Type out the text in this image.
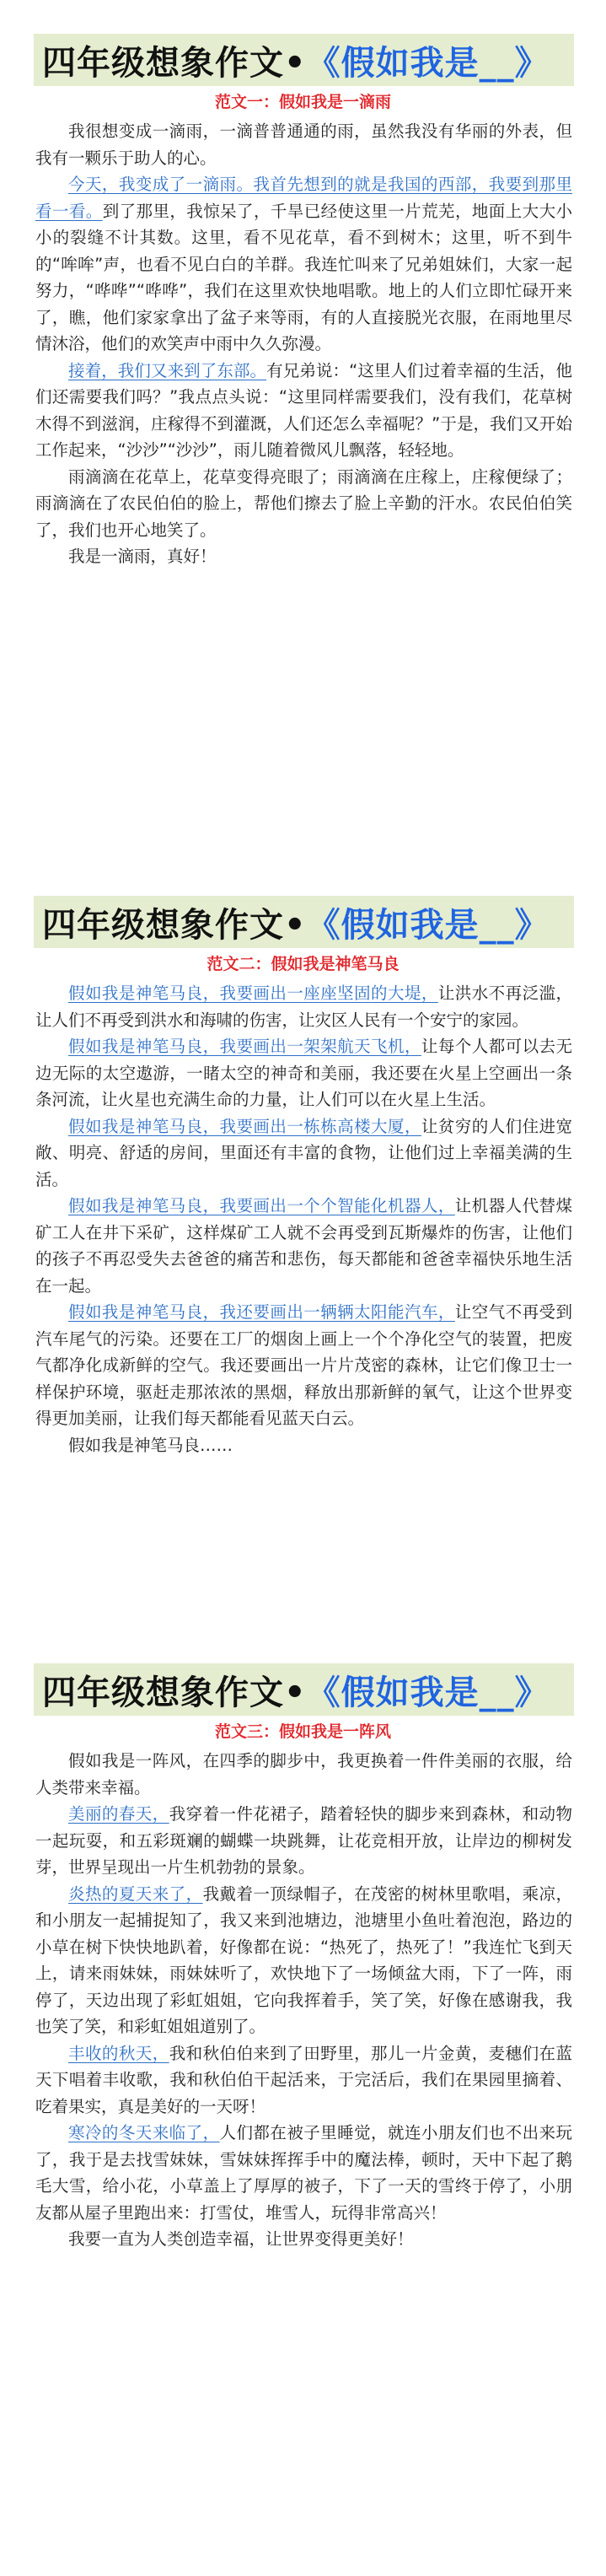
四年级想象作文• 《假如我是__》
范文一：假如我是一滴雨

我很想变成一滴雨，一滴普普通通的雨，虽然我没有华丽的外表，但我有一颗乐于助人的心。

今天，我变成了一滴雨。我首先想到的就是我国的西部，我要到那里看一看。到了那里，我惊呆了，千旱已经使这里一片荒芜，地面上大大小小的裂缝不计其数。这里，看不见花草，看不到树木；这里，听不到牛的“哞哞”声，也看不见白白的羊群。我连忙叫来了兄弟姐妹们，大家一起努力，“哗哗”“哗哗”，我们在这里欢快地唱歌。地上的人们立即忙碌开来了，瞧，他们家家拿出了盆子来等雨，有的人直接脱光衣服，在雨地里尽情沐浴，他们的欢笑声中雨中久久弥漫。

接着，我们又来到了东部。有兄弟说：“这里人们过着幸福的生活，他们还需要我们吗？”我点点头说：“这里同样需要我们，没有我们，花草树木得不到滋润，庄稼得不到灌溉，人们还怎么幸福呢？”于是，我们又开始工作起来，“沙沙”“沙沙”，雨儿随着微风儿飘落，轻轻地。

雨滴滴在花草上，花草变得亮眼了；雨滴滴在庄稼上，庄稼便绿了；雨滴滴在了农民伯伯的脸上，帮他们擦去了脸上辛勤的汗水。农民伯伯笑了，我们也开心地笑了。

我是一滴雨，真好！

四年级想象作文• 《假如我是__》
范文二：假如我是神笔马良

假如我是神笔马良，我要画出一座座坚固的大堤，让洪水不再泛滥，让人们不再受到洪水和海啸的伤害，让灾区人民有一个安宁的家园。

假如我是神笔马良，我要画出一架架航天飞机，让每个人都可以去无边无际的太空遨游，一睹太空的神奇和美丽，我还要在火星上空画出一条条河流，让火星也充满生命的力量，让人们可以在火星上生活。

假如我是神笔马良，我要画出一栋栋高楼大厦，让贫穷的人们住进宽敞、明亮、舒适的房间，里面还有丰富的食物，让他们过上幸福美满的生活。

假如我是神笔马良，我要画出一个个智能化机器人，让机器人代替煤矿工人在井下采矿，这样煤矿工人就不会再受到瓦斯爆炸的伤害，让他们的孩子不再忍受失去爸爸的痛苦和悲伤，每天都能和爸爸幸福快乐地生活在一起。

假如我是神笔马良，我还要画出一辆辆太阳能汽车，让空气不再受到汽车尾气的污染。还要在工厂的烟囱上画上一个个净化空气的装置，把废气都净化成新鲜的空气。我还要画出一片片茂密的森林，让它们像卫士一样保护环境，驱赶走那浓浓的黑烟，释放出那新鲜的氧气，让这个世界变得更加美丽，让我们每天都能看见蓝天白云。

假如我是神笔马良……

四年级想象作文• 《假如我是__》
范文三：假如我是一阵风

假如我是一阵风，在四季的脚步中，我更换着一件件美丽的衣服，给人类带来幸福。

美丽的春天，我穿着一件花裙子，踏着轻快的脚步来到森林，和动物一起玩耍，和五彩斑斓的蝴蝶一块跳舞，让花竞相开放，让岸边的柳树发芽，世界呈现出一片生机勃勃的景象。

炎热的夏天来了，我戴着一顶绿帽子，在茂密的树林里歌唱，乘凉，和小朋友一起捕捉知了，我又来到池塘边，池塘里小鱼吐着泡泡，路边的小草在树下快快地趴着，好像都在说：“热死了，热死了！”我连忙飞到天上，请来雨妹妹，雨妹妹听了，欢快地下了一场倾盆大雨，下了一阵，雨停了，天边出现了彩虹姐姐，它向我挥着手，笑了笑，好像在感谢我，我也笑了笑，和彩虹姐姐道别了。

丰收的秋天，我和秋伯伯来到了田野里，那儿一片金黄，麦穗们在蓝天下唱着丰收歌，我和秋伯伯干起活来，于完活后，我们在果园里摘着、吃着果实，真是美好的一天呀！

寒冷的冬天来临了，人们都在被子里睡觉，就连小朋友们也不出来玩了，我于是去找雪妹妹，雪妹妹挥挥手中的魔法棒，顿时，天中下起了鹅毛大雪，给小花，小草盖上了厚厚的被子，下了一天的雪终于停了，小朋友都从屋子里跑出来：打雪仗，堆雪人，玩得非常高兴！

我要一直为人类创造幸福，让世界变得更美好！
